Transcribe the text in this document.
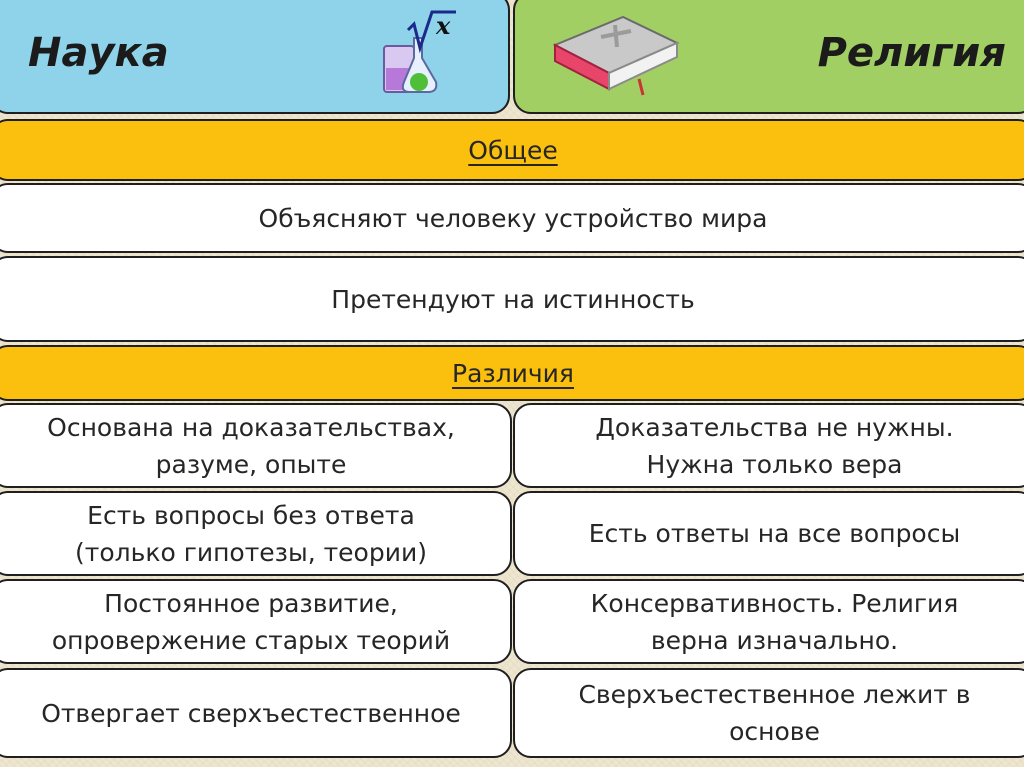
Наука
x
Религия
Общее
Объясняют человеку устройство мира
Претендуют на истинность
Различия
Основана на доказательствах,
разуме, опыте
Доказательства не нужны.
Нужна только вера
Есть вопросы без ответа
(только гипотезы, теории)
Есть ответы на все вопросы
Постоянное развитие,
опровержение старых теорий
Консервативность. Религия
верна изначально.
Отвергает сверхъестественное
Сверхъестественное лежит в
основе
